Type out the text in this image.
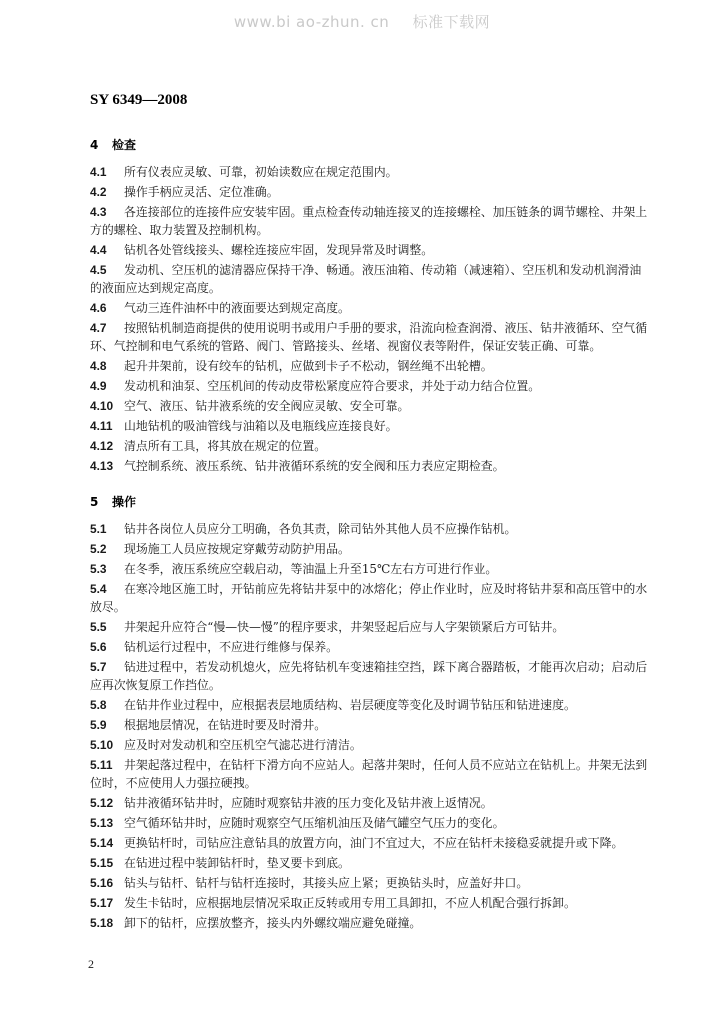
www.bi ao-zhun. cn 标准下载网
SY 6349—2008
4 检查
4.1 所有仪表应灵敏、可靠，初始读数应在规定范围内。
4.2 操作手柄应灵活、定位准确。
4.3 各连接部位的连接件应安装牢固。重点检查传动轴连接叉的连接螺栓、加压链条的调节螺栓、井架上方的螺栓、取力装置及控制机构。
4.4 钻机各处管线接头、螺栓连接应牢固，发现异常及时调整。
4.5 发动机、空压机的滤清器应保持干净、畅通。液压油箱、传动箱（减速箱）、空压机和发动机润滑油的液面应达到规定高度。
4.6 气动三连件油杯中的液面要达到规定高度。
4.7 按照钻机制造商提供的使用说明书或用户手册的要求，沿流向检查润滑、液压、钻井液循环、空气循环、气控制和电气系统的管路、阀门、管路接头、丝堵、视窗仪表等附件，保证安装正确、可靠。
4.8 起升井架前，设有绞车的钻机，应做到卡子不松动，钢丝绳不出轮槽。
4.9 发动机和油泵、空压机间的传动皮带松紧度应符合要求，并处于动力结合位置。
4.10 空气、液压、钻井液系统的安全阀应灵敏、安全可靠。
4.11 山地钻机的吸油管线与油箱以及电瓶线应连接良好。
4.12 清点所有工具，将其放在规定的位置。
4.13 气控制系统、液压系统、钻井液循环系统的安全阀和压力表应定期检查。
5 操作
5.1 钻井各岗位人员应分工明确，各负其责，除司钻外其他人员不应操作钻机。
5.2 现场施工人员应按规定穿戴劳动防护用品。
5.3 在冬季，液压系统应空载启动，等油温上升至15℃左右方可进行作业。
5.4 在寒冷地区施工时，开钻前应先将钻井泵中的冰熔化；停止作业时，应及时将钻井泵和高压管中的水放尽。
5.5 井架起升应符合“慢—快—慢”的程序要求，井架竖起后应与人字架锁紧后方可钻井。
5.6 钻机运行过程中，不应进行维修与保养。
5.7 钻进过程中，若发动机熄火，应先将钻机车变速箱挂空挡，踩下离合器踏板，才能再次启动；启动后应再次恢复原工作挡位。
5.8 在钻井作业过程中，应根据表层地质结构、岩层硬度等变化及时调节钻压和钻进速度。
5.9 根据地层情况，在钻进时要及时滑井。
5.10 应及时对发动机和空压机空气滤芯进行清洁。
5.11 井架起落过程中，在钻杆下滑方向不应站人。起落井架时，任何人员不应站立在钻机上。井架无法到位时，不应使用人力强拉硬拽。
5.12 钻井液循环钻井时，应随时观察钻井液的压力变化及钻井液上返情况。
5.13 空气循环钻井时，应随时观察空气压缩机油压及储气罐空气压力的变化。
5.14 更换钻杆时，司钻应注意钻具的放置方向，油门不宜过大，不应在钻杆未接稳妥就提升或下降。
5.15 在钻进过程中装卸钻杆时，垫叉要卡到底。
5.16 钻头与钻杆、钻杆与钻杆连接时，其接头应上紧；更换钻头时，应盖好井口。
5.17 发生卡钻时，应根据地层情况采取正反转或用专用工具卸扣，不应人机配合强行拆卸。
5.18 卸下的钻杆，应摆放整齐，接头内外螺纹端应避免碰撞。
2
